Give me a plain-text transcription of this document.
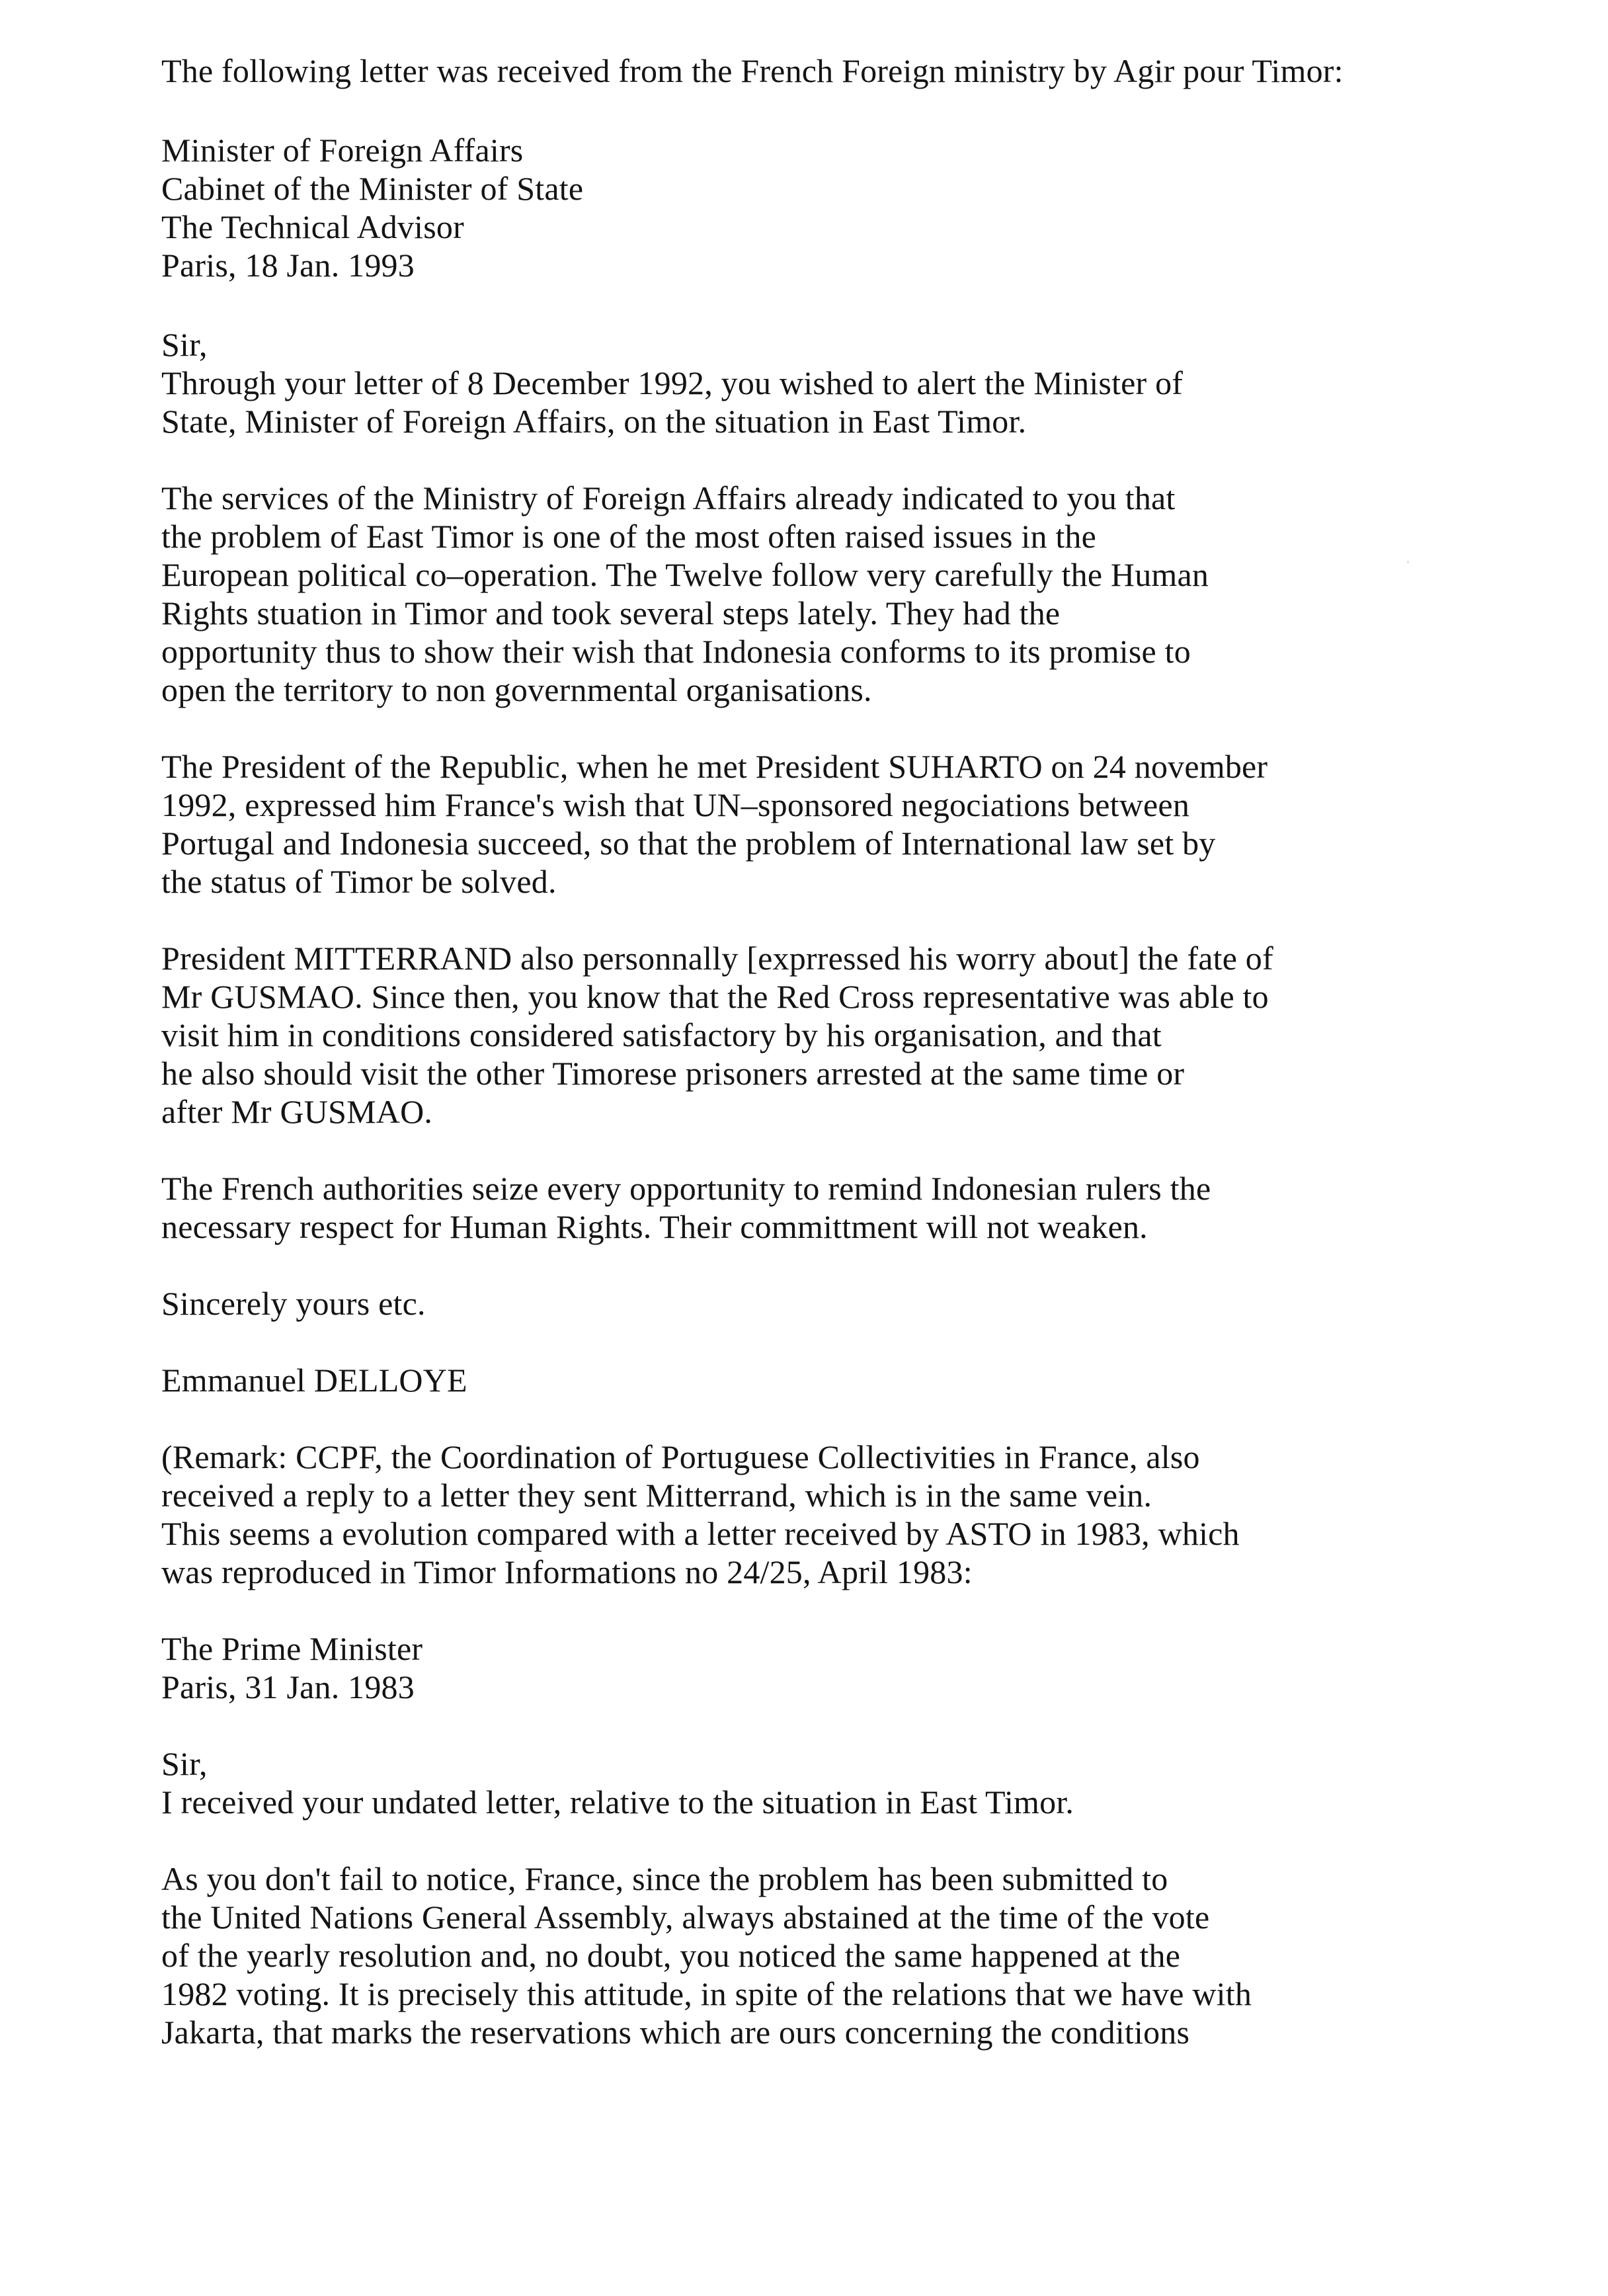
The following letter was received from the French Foreign ministry by Agir pour Timor:
Minister of Foreign Affairs
Cabinet of the Minister of State
The Technical Advisor
Paris, 18 Jan. 1993
Sir,
Through your letter of 8 December 1992, you wished to alert the Minister of
State, Minister of Foreign Affairs, on the situation in East Timor.
The services of the Ministry of Foreign Affairs already indicated to you that
the problem of East Timor is one of the most often raised issues in the
European political co–operation. The Twelve follow very carefully the Human
Rights stuation in Timor and took several steps lately. They had the
opportunity thus to show their wish that Indonesia conforms to its promise to
open the territory to non governmental organisations.
The President of the Republic, when he met President SUHARTO on 24 november
1992, expressed him France's wish that UN–sponsored negociations between
Portugal and Indonesia succeed, so that the problem of International law set by
the status of Timor be solved.
President MITTERRAND also personnally [exprressed his worry about] the fate of
Mr GUSMAO. Since then, you know that the Red Cross representative was able to
visit him in conditions considered satisfactory by his organisation, and that
he also should visit the other Timorese prisoners arrested at the same time or
after Mr GUSMAO.
The French authorities seize every opportunity to remind Indonesian rulers the
necessary respect for Human Rights. Their committment will not weaken.
Sincerely yours etc.
Emmanuel DELLOYE
(Remark: CCPF, the Coordination of Portuguese Collectivities in France, also
received a reply to a letter they sent Mitterrand, which is in the same vein.
This seems a evolution compared with a letter received by ASTO in 1983, which
was reproduced in Timor Informations no 24/25, April 1983:
The Prime Minister
Paris, 31 Jan. 1983
Sir,
I received your undated letter, relative to the situation in East Timor.
As you don't fail to notice, France, since the problem has been submitted to
the United Nations General Assembly, always abstained at the time of the vote
of the yearly resolution and, no doubt, you noticed the same happened at the
1982 voting. It is precisely this attitude, in spite of the relations that we have with
Jakarta, that marks the reservations which are ours concerning the conditions
